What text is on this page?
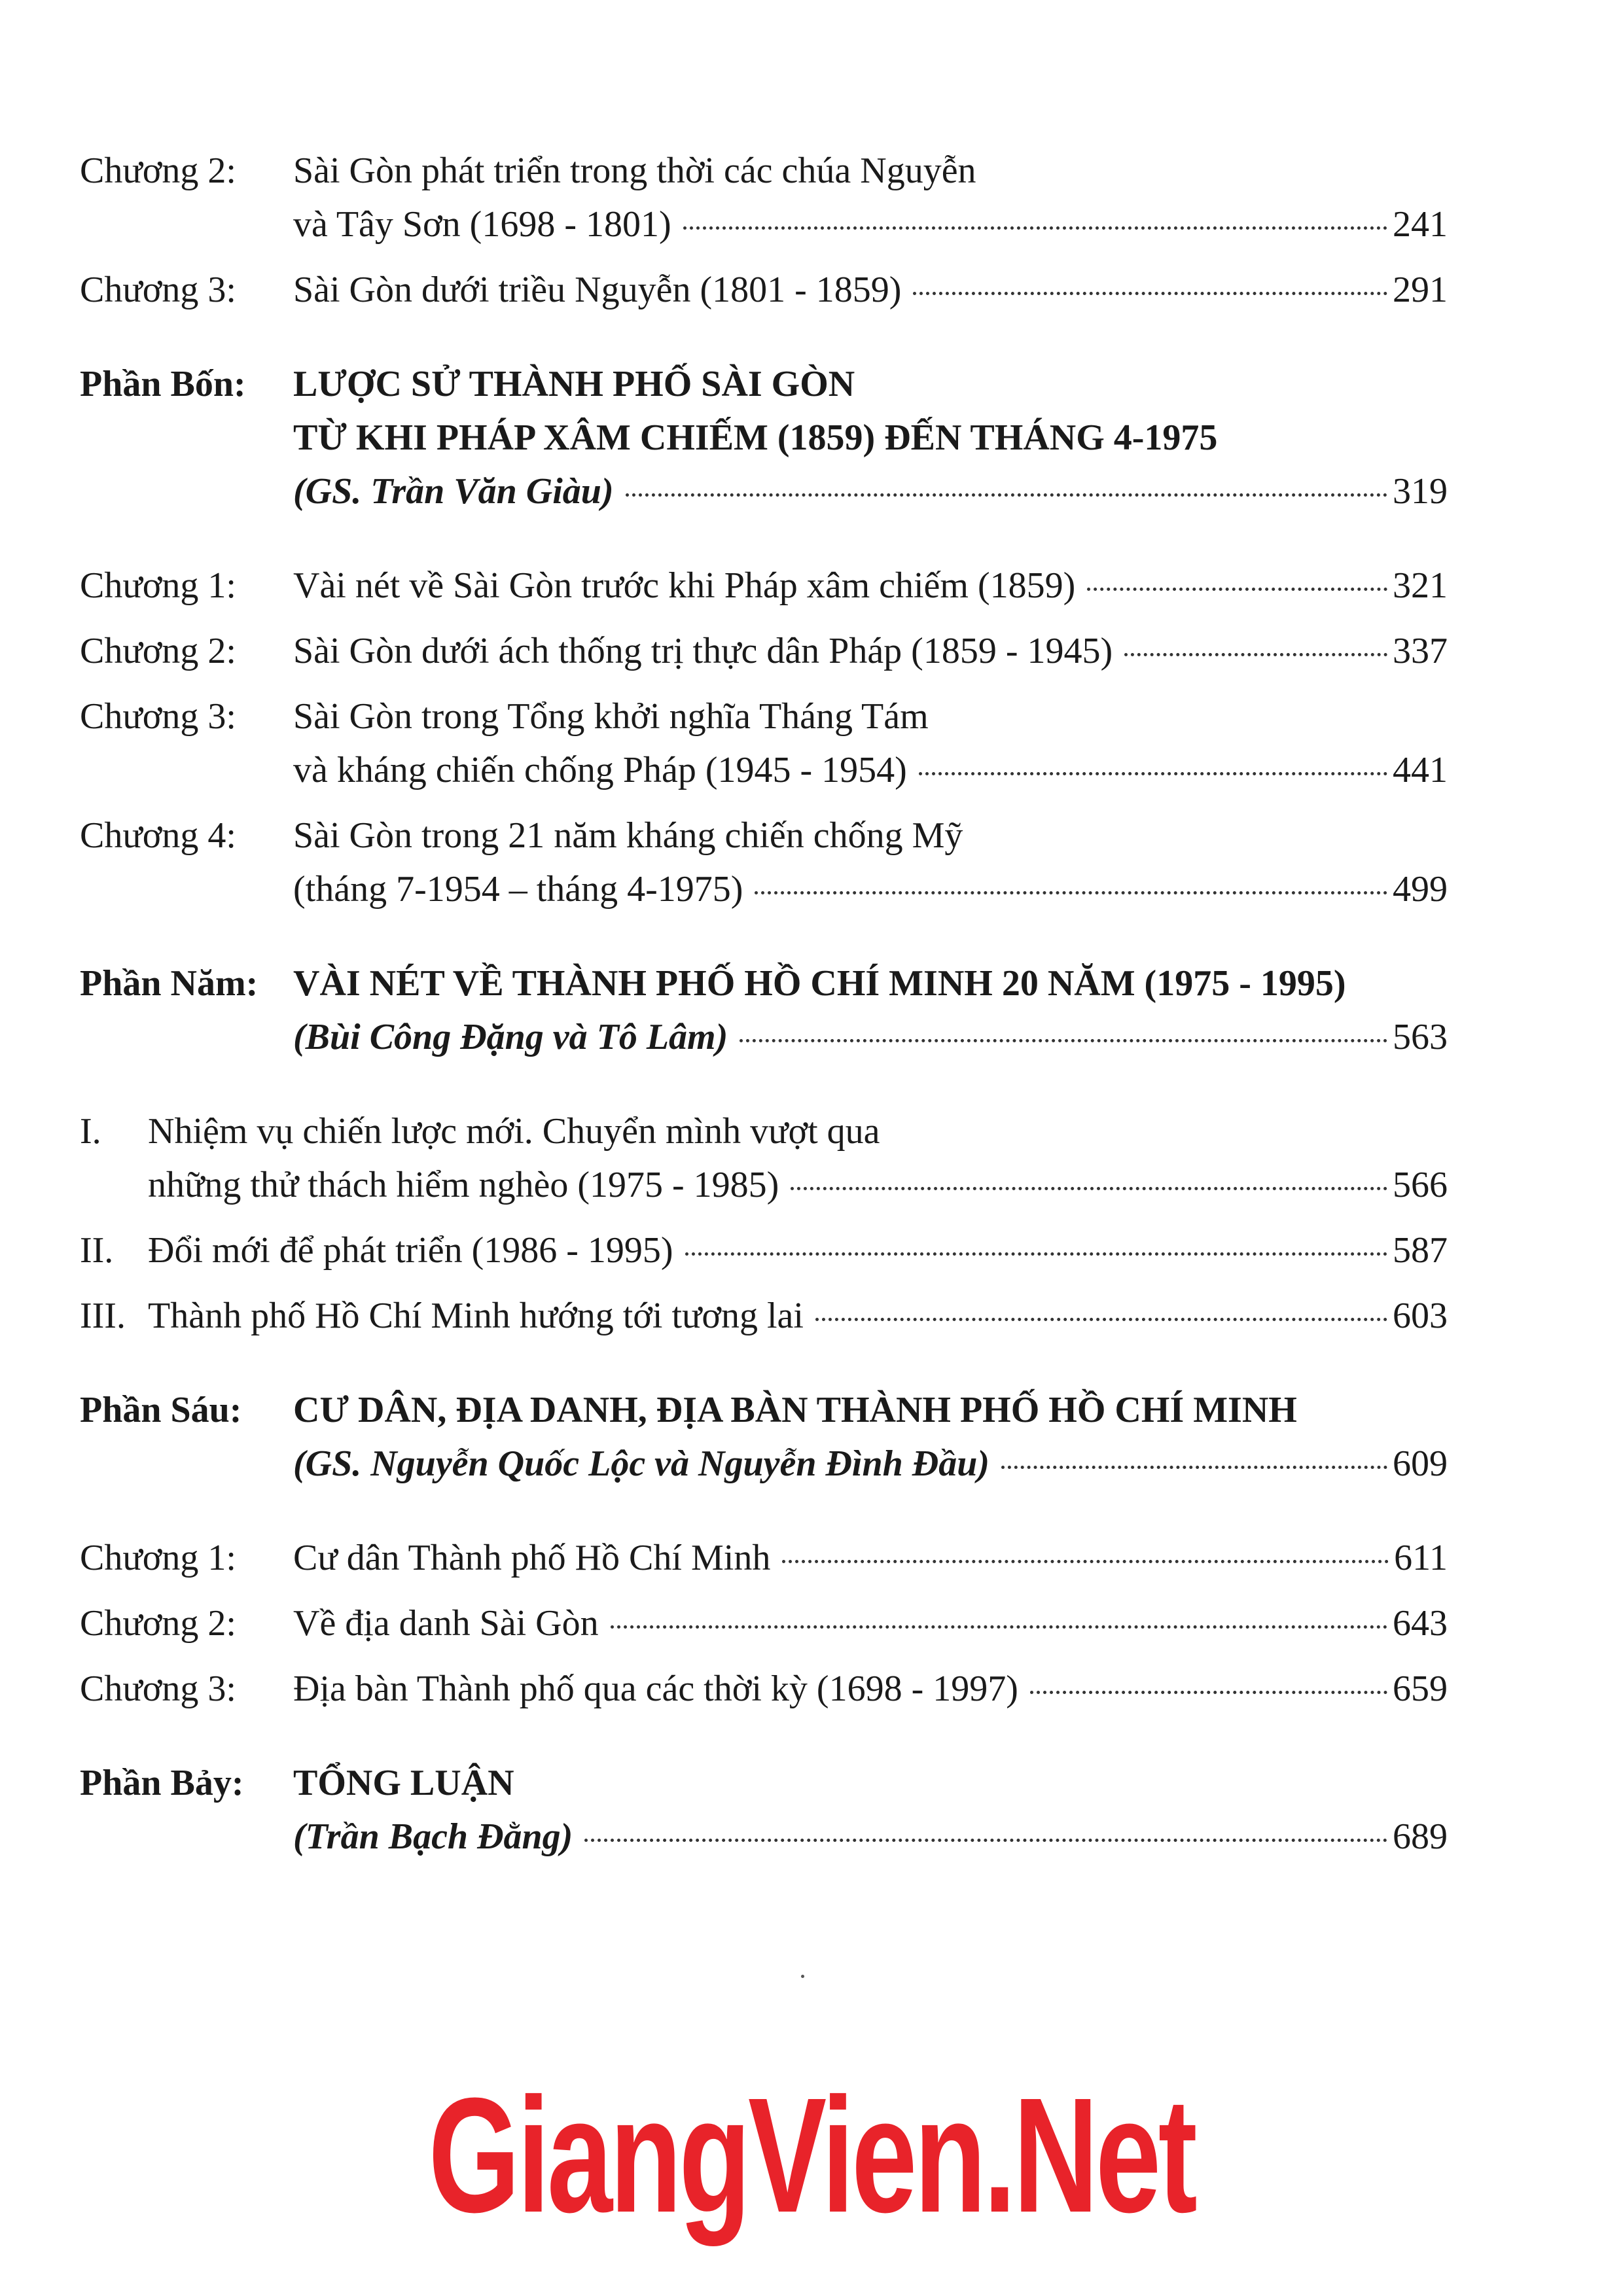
Chương 2:	Sài Gòn phát triển trong thời các chúa Nguyễn
và Tây Sơn (1698 - 1801)	241
Chương 3:	Sài Gòn dưới triều Nguyễn (1801 - 1859)	291
Phần Bốn:	LƯỢC SỬ THÀNH PHỐ SÀI GÒN
TỪ KHI PHÁP XÂM CHIẾM (1859) ĐẾN THÁNG 4-1975
(GS. Trần Văn Giàu)	319
Chương 1:	Vài nét về Sài Gòn trước khi Pháp xâm chiếm (1859)	321
Chương 2:	Sài Gòn dưới ách thống trị thực dân Pháp (1859 - 1945)	337
Chương 3:	Sài Gòn trong Tổng khởi nghĩa Tháng Tám
và kháng chiến chống Pháp (1945 - 1954)	441
Chương 4:	Sài Gòn trong 21 năm kháng chiến chống Mỹ
(tháng 7-1954 – tháng 4-1975)	499
Phần Năm: VÀI NÉT VỀ THÀNH PHỐ HỒ CHÍ MINH 20 NĂM (1975 - 1995)
(Bùi Công Đặng và Tô Lâm)	563
I.	Nhiệm vụ chiến lược mới. Chuyển mình vượt qua
những thử thách hiểm nghèo (1975 - 1985)	566
II. Đổi mới để phát triển (1986 - 1995)	587
III. Thành phố Hồ Chí Minh hướng tới tương lai	603
Phần Sáu:	CƯ DÂN, ĐỊA DANH, ĐỊA BÀN THÀNH PHỐ HỒ CHÍ MINH
(GS. Nguyễn Quốc Lộc và Nguyễn Đình Đầu)	609
Chương 1:	Cư dân Thành phố Hồ Chí Minh	611
Chương 2:	Về địa danh Sài Gòn	643
Chương 3:	Địa bàn Thành phố qua các thời kỳ (1698 - 1997)	659
Phần Bảy:	TỔNG LUẬN
(Trần Bạch Đằng)	689
GiangVien.Net
